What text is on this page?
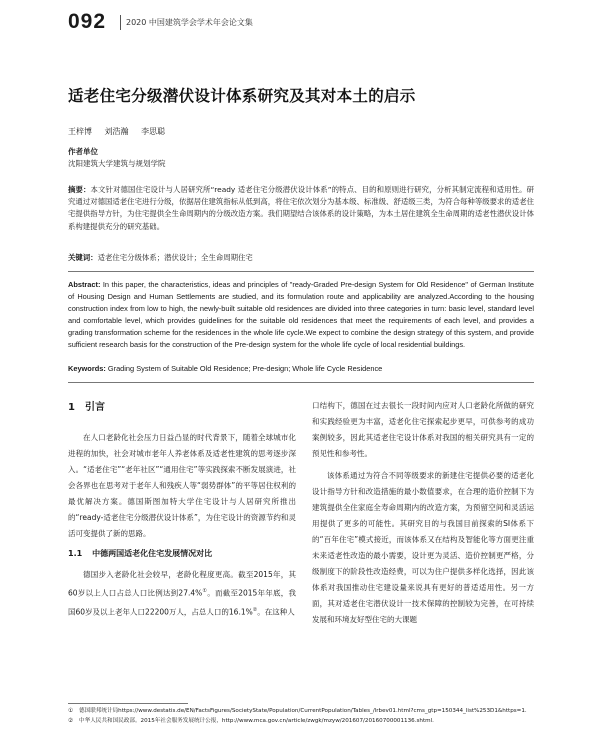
092 2020 中国建筑学会学术年会论文集
适老住宅分级潜伏设计体系研究及其对本土的启示
王梓博 刘浩瀚 李思聪
作者单位
沈阳建筑大学建筑与规划学院
摘要：本文针对德国住宅设计与人居研究所“ready 适老住宅分级潜伏设计体系”的特点、目的和原则进行研究，分析其制定流程和适用性。研究通过对德国适老住宅进行分级，依据居住建筑指标从低到高，将住宅依次划分为基本级、标准级、舒适级三类，为符合每种等级要求的适老住宅提供指导方针，为住宅提供全生命周期内的分级改造方案。我们期望结合该体系的设计策略，为本土居住建筑全生命周期的适老性潜伏设计体系构建提供充分的研究基础。
关键词：适老住宅分级体系；潜伏设计；全生命周期住宅
Abstract: In this paper, the characteristics, ideas and principles of "ready-Graded Pre-design System for Old Residence" of German Institute of Housing Design and Human Settlements are studied, and its formulation route and applicability are analyzed.According to the housing construction index from low to high, the newly-built suitable old residences are divided into three categories in turn: basic level, standard level and comfortable level, which provides guidelines for the suitable old residences that meet the requirements of each level, and provides a grading transformation scheme for the residences in the whole life cycle.We expect to combine the design strategy of this system, and provide sufficient research basis for the construction of the Pre-design system for the whole life cycle of local residential buildings.
Keywords: Grading System of Suitable Old Residence; Pre-design; Whole life Cycle Residence
1 引言

在人口老龄化社会压力日益凸显的时代背景下，随着全球城市化进程的加快，社会对城市老年人养老体系及适老性建筑的思考逐步深入。“适老住宅”“老年社区”“通用住宅”等实践探索不断发展演进，社会各界也在思考对于老年人和残疾人等“弱势群体”的平等居住权利的最优解决方案。德国斯图加特大学住宅设计与人居研究所推出的“ready-适老住宅分级潜伏设计体系”，为住宅设计的资源节约和灵活可变提供了新的思路。

1.1 中德两国适老化住宅发展情况对比

德国步入老龄化社会较早，老龄化程度更高。截至2015年，其60岁以上人口占总人口比例达到27.4%①。而截至2015年年底，我国60岁及以上老年人口22200万人，占总人口的16.1%②。在这种人

口结构下，德国在过去很长一段时间内应对人口老龄化所做的研究和实践经验更为丰富，适老化住宅探索起步更早，可供参考的成功案例较多，因此其适老住宅设计体系对我国的相关研究具有一定的预见性和参考性。

该体系通过为符合不同等级要求的新建住宅提供必要的适老化设计指导方针和改造措施的最小数值要求，在合理的造价控制下为建筑提供全住家庭全寿命周期内的改造方案，为预留空间和灵活运用提供了更多的可能性。其研究目的与我国目前探索的SI体系下的“百年住宅”模式接近，而该体系又在结构及智能化等方面更注重未来适老性改造的最小需要，设计更为灵活、造价控制更严格，分级制度下的阶段性改造经费，可以为住户提供多样化选择，因此该体系对我国推动住宅建设量来说具有更好的普适适用性。另一方面，其对适老住宅潜伏设计一技术保障的控制较为完善，在可持续发展和环境友好型住宅的大课题

① 德国联邦统计局https://www.destatis.de/EN/FactsFigures/SocietyState/Population/CurrentPopulation/Tables_/lrbev01.html?cms_gtp=150344_list%253D1&https=1.

② 中华人民共和国民政部。2015年社会服务发展统计公报，http://www.mca.gov.cn/article/zwgk/mzyw/201607/20160700001136.shtml.
